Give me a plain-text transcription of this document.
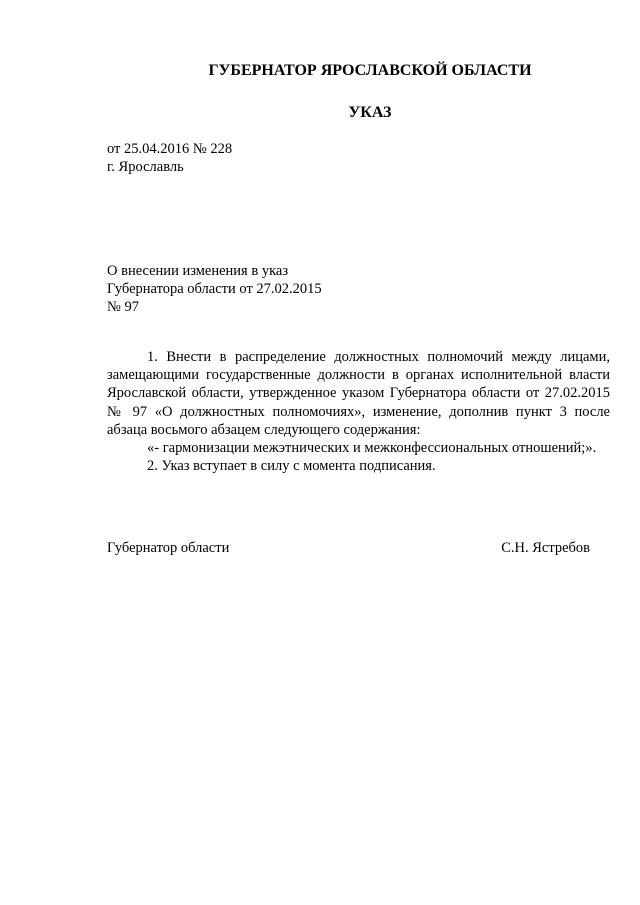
ГУБЕРНАТОР ЯРОСЛАВСКОЙ ОБЛАСТИ
УКАЗ
от 25.04.2016 № 228
г. Ярославль
О внесении изменения в указ
Губернатора области от 27.02.2015
№ 97

1. Внести в распределение должностных полномочий между лицами, замещающими государственные должности в органах исполнительной власти Ярославской области, утвержденное указом Губернатора области от 27.02.2015 № 97 «О должностных полномочиях», изменение, дополнив пункт 3 после абзаца восьмого абзацем следующего содержания:

«- гармонизации межэтнических и межконфессиональных отношений;».

2. Указ вступает в силу с момента подписания.

Губернатор области	С.Н. Ястребов
